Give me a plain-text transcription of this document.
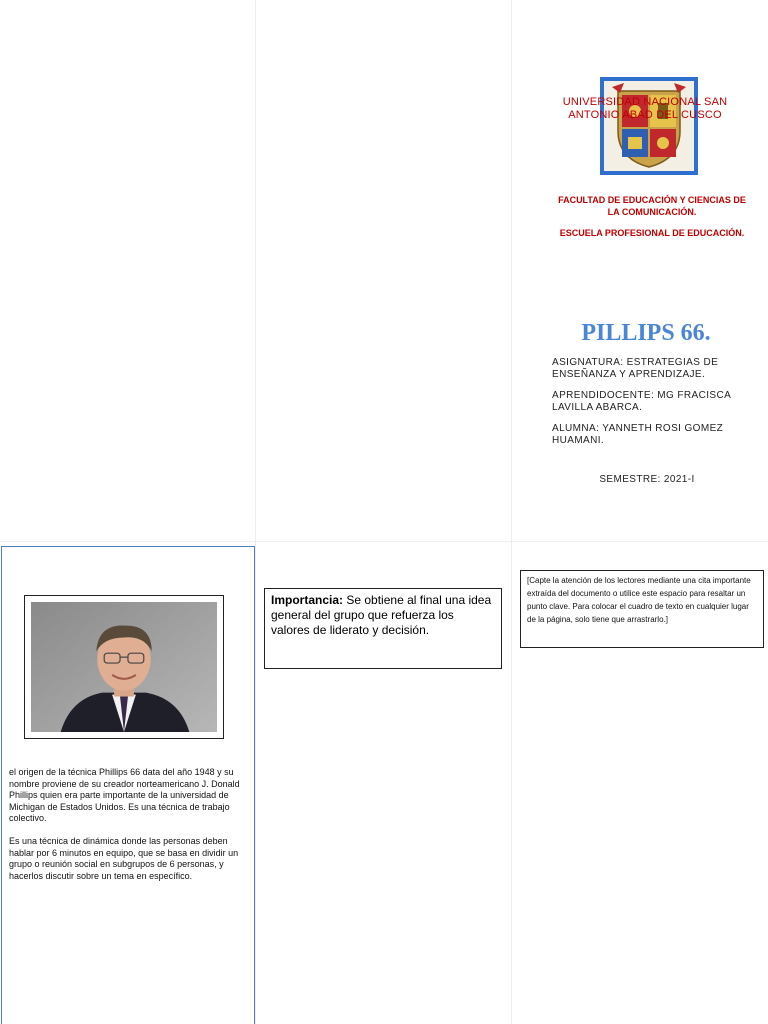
UNIVERSIDAD NACIONAL SAN ANTONIO ABAD DEL CUSCO
FACULTAD DE EDUCACIÓN Y CIENCIAS DE LA COMUNICACIÓN.
ESCUELA PROFESIONAL DE EDUCACIÓN.
PILLIPS 66.

ASIGNATURA: ESTRATEGIAS DE ENSEÑANZA Y APRENDIZAJE.

APRENDIDOCENTE: MG FRACISCA LAVILLA ABARCA.

ALUMNA: YANNETH ROSI GOMEZ HUAMANI.

SEMESTRE: 2021-I

el origen de la técnica Phillips 66 data del año 1948 y su nombre proviene de su creador norteamericano J. Donald Phillips quien era parte importante de la universidad de Michigan de Estados Unidos. Es una técnica de trabajo colectivo.

Es una técnica de dinámica donde las personas deben hablar por 6 minutos en equipo, que se basa en dividir un grupo o reunión social en subgrupos de 6 personas, y hacerlos discutir sobre un tema en específico.

Importancia: Se obtiene al final una idea general del grupo que refuerza los valores de liderato y decisión.
[Capte la atención de los lectores mediante una cita importante extraída del documento o utilice este espacio para resaltar un punto clave. Para colocar el cuadro de texto en cualquier lugar de la página, solo tiene que arrastrarlo.]
